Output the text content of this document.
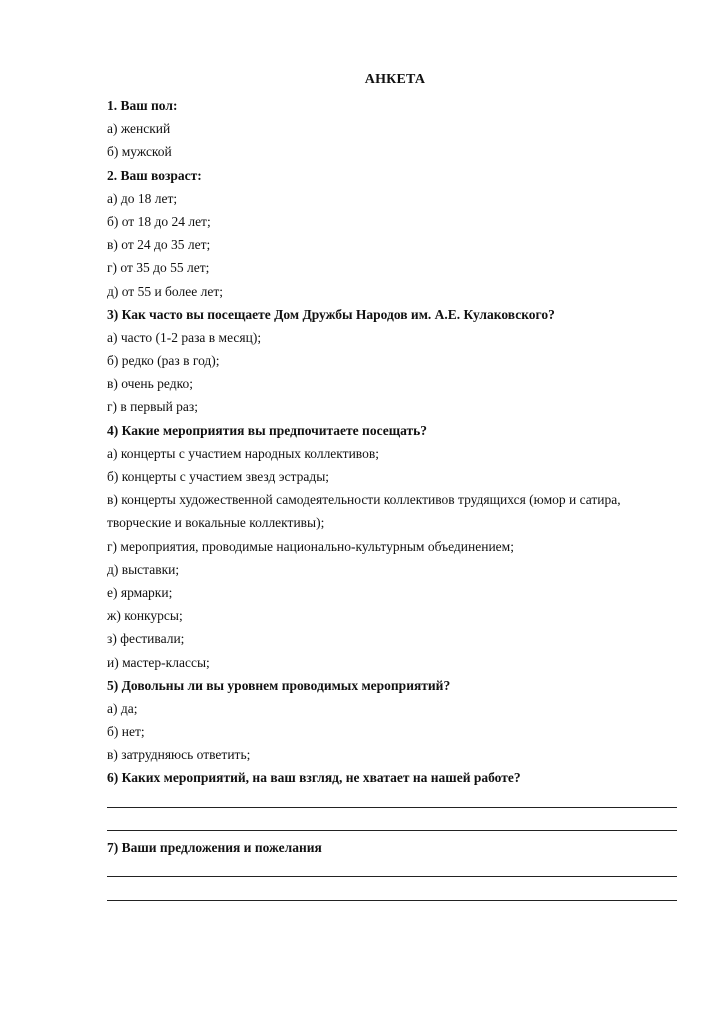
АНКЕТА
1. Ваш пол:
а) женский
б) мужской
2. Ваш возраст:
а) до 18 лет;
б) от 18 до 24 лет;
в) от 24 до 35 лет;
г) от 35 до 55 лет;
д) от 55 и более лет;
3) Как часто вы посещаете Дом Дружбы Народов им. А.Е. Кулаковского?
а) часто (1-2 раза в месяц);
б) редко (раз в год);
в) очень редко;
г) в первый раз;
4) Какие мероприятия вы предпочитаете посещать?
а) концерты с участием народных коллективов;
б) концерты с участием звезд эстрады;
в) концерты художественной самодеятельности коллективов трудящихся (юмор и сатира,
творческие и вокальные коллективы);
г) мероприятия, проводимые национально-культурным объединением;
д) выставки;
е) ярмарки;
ж) конкурсы;
з) фестивали;
и) мастер-классы;
5) Довольны ли вы уровнем проводимых мероприятий?
а) да;
б) нет;
в) затрудняюсь ответить;
6) Каких мероприятий, на ваш взгляд, не хватает на нашей работе?
7) Ваши предложения и пожелания
